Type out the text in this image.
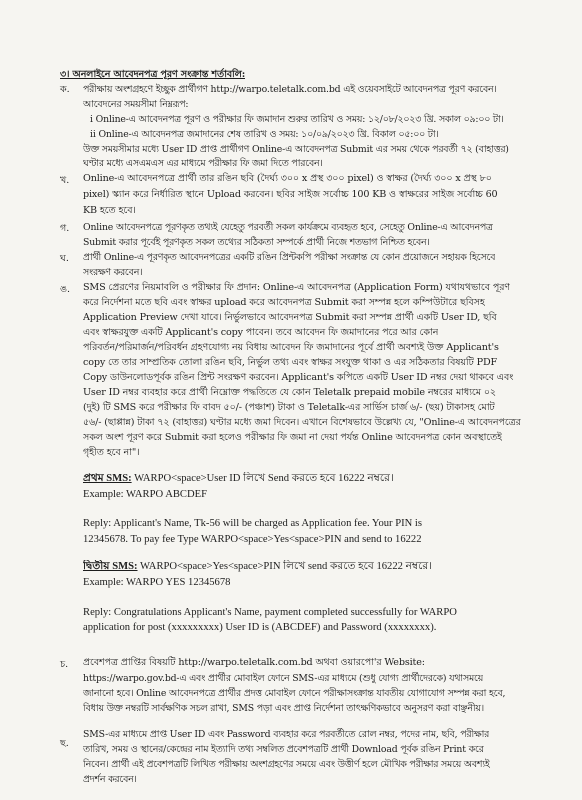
৩। অনলাইনে আবেদনপত্র পূরণ সংক্রান্ত শর্তাবলি:

ক. পরীক্ষায় অংশগ্রহণে ইচ্ছুক প্রার্থীগণ http://warpo.teletalk.com.bd এই ওয়েবসাইটে আবেদনপত্র পূরণ করবেন।

আবেদনের সময়সীমা নিম্নরূপ:

i Online-এ আবেদনপত্র পূরণ ও পরীক্ষার ফি জমাদান শুরুর তারিখ ও সময়: ১২/০৮/২০২৩ খ্রি. সকাল ০৯:০০ টা।

ii Online-এ আবেদনপত্র জমাদানের শেষ তারিখ ও সময়: ১০/০৯/২০২৩ খ্রি. বিকাল ০৫:০০ টা।

উক্ত সময়সীমার মধ্যে User ID প্রাপ্ত প্রার্থীগণ Online-এ আবেদনপত্র Submit এর সময় থেকে পরবর্তী ৭২ (বাহাত্তর)

ঘণ্টার মধ্যে এসএমএস এর মাধ্যমে পরীক্ষার ফি জমা দিতে পারবেন।

খ. Online-এ আবেদনপত্রে প্রার্থী তার রঙিন ছবি (দৈর্ঘ্য ৩০০ x প্রস্থ ৩০০ pixel) ও স্বাক্ষর (দৈর্ঘ্য ৩০০ x প্রস্থ ৮০

pixel) স্ক্যান করে নির্ধারিত স্থানে Upload করবেন। ছবির সাইজ সর্বোচ্চ 100 KB ও স্বাক্ষরের সাইজ সর্বোচ্চ 60

KB হতে হবে।

গ. Online আবেদনপত্রে পূরণকৃত তথ্যই যেহেতু পরবর্তী সকল কার্যক্রমে ব্যবহৃত হবে, সেহেতু Online-এ আবেদনপত্র

Submit করার পূর্বেই পূরণকৃত সকল তথ্যের সঠিকতা সম্পর্কে প্রার্থী নিজে শতভাগ নিশ্চিত হবেন।

ঘ. প্রার্থী Online-এ পূরণকৃত আবেদনপত্রের একটি রঙিন প্রিন্টকপি পরীক্ষা সংক্রান্ত যে কোন প্রয়োজনে সহায়ক হিসেবে

সংরক্ষণ করবেন।

ঙ. SMS প্রেরণের নিয়মাবলি ও পরীক্ষার ফি প্রদান: Online-এ আবেদনপত্র (Application Form) যথাযথভাবে পূরণ

করে নির্দেশনা মতে ছবি এবং স্বাক্ষর upload করে আবেদনপত্র Submit করা সম্পন্ন হলে কম্পিউটারে ছবিসহ

Application Preview দেখা যাবে। নির্ভুলভাবে আবেদনপত্র Submit করা সম্পন্ন প্রার্থী একটি User ID, ছবি

এবং স্বাক্ষরযুক্ত একটি Applicant's copy পাবেন। তবে আবেদন ফি জমাদানের পরে আর কোন

পরিবর্তন/পরিমার্জন/পরিবর্ধন গ্রহণযোগ্য নয় বিধায় আবেদন ফি জমাদানের পূর্বে প্রার্থী অবশ্যই উক্ত Applicant's

copy তে তার সাম্প্রতিক তোলা রঙিন ছবি, নির্ভুল তথ্য এবং স্বাক্ষর সংযুক্ত থাকা ও এর সঠিকতার বিষয়টি PDF

Copy ডাউনলোডপূর্বক রঙিন প্রিন্ট সংরক্ষণ করবেন। Applicant's কপিতে একটি User ID নম্বর দেয়া থাকবে এবং

User ID নম্বর ব্যবহার করে প্রার্থী নিম্নোক্ত পদ্ধতিতে যে কোন Teletalk prepaid mobile নম্বরের মাধ্যমে ০২

(দুই) টি SMS করে পরীক্ষার ফি বাবদ ৫০/- (পঞ্চাশ) টাকা ও Teletalk-এর সার্ভিস চার্জ ৬/- (ছয়) টাকাসহ মোট

৫৬/- (ছাপ্পান্ন) টাকা ৭২ (বাহাত্তর) ঘণ্টার মধ্যে জমা দিবেন। এখানে বিশেষভাবে উল্লেখ্য যে, "Online-এ আবেদনপত্রের

সকল অংশ পূরণ করে Submit করা হলেও পরীক্ষার ফি জমা না দেয়া পর্যন্ত Online আবেদনপত্র কোন অবস্থাতেই

গৃহীত হবে না"।

প্রথম SMS: WARPO<space>User ID লিখে Send করতে হবে 16222 নম্বরে।

Example: WARPO ABCDEF

Reply: Applicant's Name, Tk-56 will be charged as Application fee. Your PIN is

12345678. To pay fee Type WARPO<space>Yes<space>PIN and send to 16222

দ্বিতীয় SMS: WARPO<space>Yes<space>PIN লিখে send করতে হবে 16222 নম্বরে।

Example: WARPO YES 12345678

Reply: Congratulations Applicant's Name, payment completed successfully for WARPO

application for post (xxxxxxxxx) User ID is (ABCDEF) and Password (xxxxxxxx).

চ. প্রবেশপত্র প্রাপ্তির বিষয়টি http://warpo.teletalk.com.bd অথবা ওয়ারপো'র Website:

https://warpo.gov.bd-এ এবং প্রার্থীর মোবাইল ফোনে SMS-এর মাধ্যমে (শুধু যোগ্য প্রার্থীদেরকে) যথাসময়ে

জানানো হবে। Online আবেদনপত্রে প্রার্থীর প্রদত্ত মোবাইল ফোনে পরীক্ষাসংক্রান্ত যাবতীয় যোগাযোগ সম্পন্ন করা হবে,

বিধায় উক্ত নম্বরটি সার্বক্ষণিক সচল রাখা, SMS পড়া এবং প্রাপ্ত নির্দেশনা তাৎক্ষণিকভাবে অনুসরণ করা বাঞ্ছনীয়।

ছ.

SMS-এর মাধ্যমে প্রাপ্ত User ID এবং Password ব্যবহার করে পরবর্তীতে রোল নম্বর, পদের নাম, ছবি, পরীক্ষার

তারিখ, সময় ও স্থানের/কেন্দ্রের নাম ইত্যাদি তথ্য সম্বলিত প্রবেশপত্রটি প্রার্থী Download পূর্বক রঙিন Print করে

নিবেন। প্রার্থী এই প্রবেশপত্রটি লিখিত পরীক্ষায় অংশগ্রহণের সময়ে এবং উত্তীর্ণ হলে মৌখিক পরীক্ষার সময়ে অবশ্যই

প্রদর্শন করবেন।
